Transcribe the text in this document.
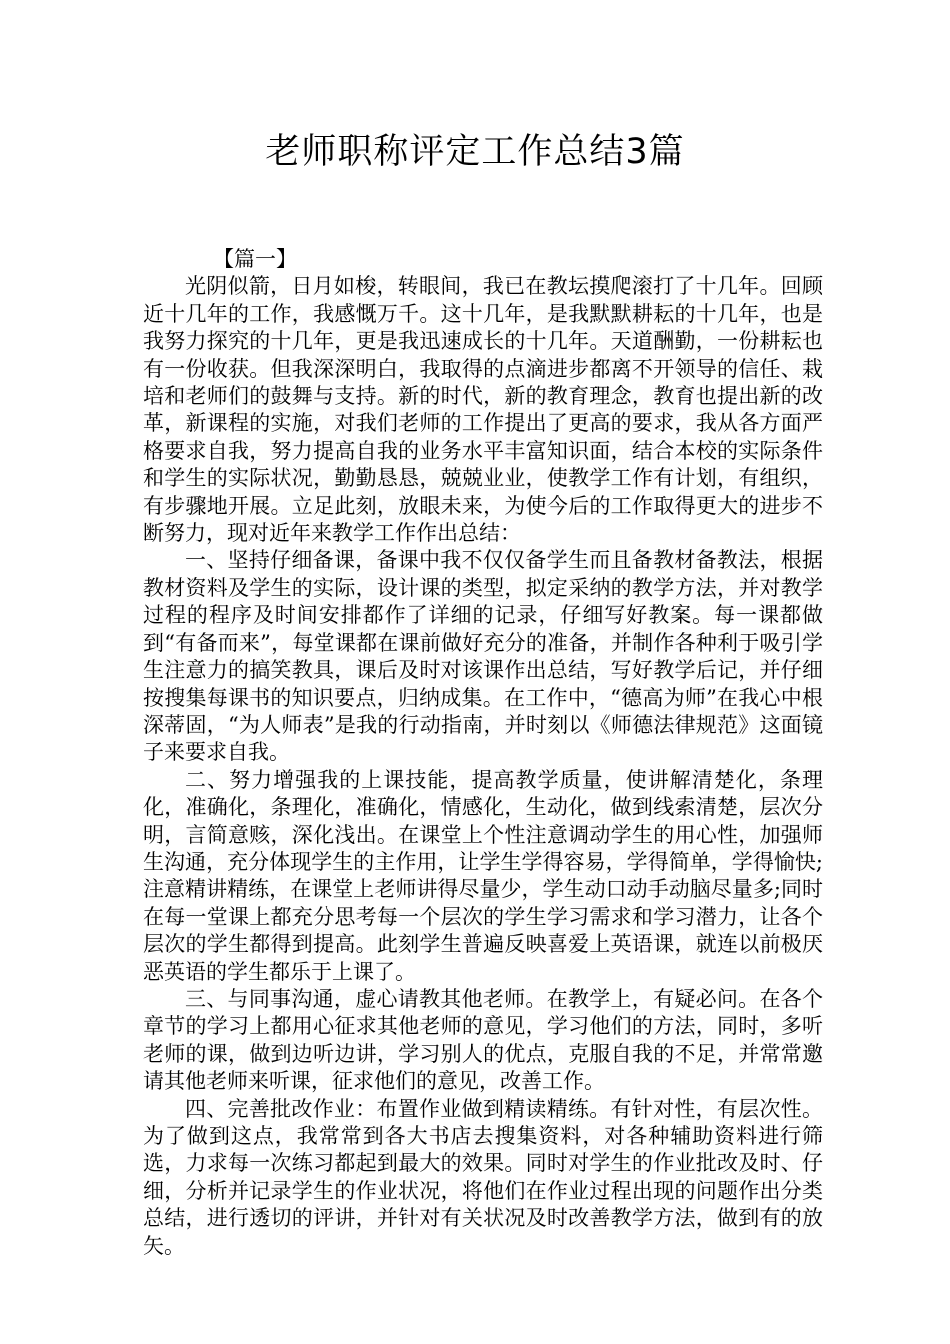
老师职称评定工作总结3篇

【篇一】

光阴似箭，日月如梭，转眼间，我已在教坛摸爬滚打了十几年。回顾近十几年的工作，我感慨万千。这十几年，是我默默耕耘的十几年，也是我努力探究的十几年，更是我迅速成长的十几年。天道酬勤，一份耕耘也有一份收获。但我深深明白，我取得的点滴进步都离不开领导的信任、栽培和老师们的鼓舞与支持。新的时代，新的教育理念，教育也提出新的改革，新课程的实施，对我们老师的工作提出了更高的要求，我从各方面严格要求自我，努力提高自我的业务水平丰富知识面，结合本校的实际条件和学生的实际状况，勤勤恳恳，兢兢业业，使教学工作有计划，有组织，有步骤地开展。立足此刻，放眼未来，为使今后的工作取得更大的进步不断努力，现对近年来教学工作作出总结：

一、坚持仔细备课，备课中我不仅仅备学生而且备教材备教法，根据教材资料及学生的实际，设计课的类型，拟定采纳的教学方法，并对教学过程的程序及时间安排都作了详细的记录，仔细写好教案。每一课都做到“有备而来”，每堂课都在课前做好充分的准备，并制作各种利于吸引学生注意力的搞笑教具，课后及时对该课作出总结，写好教学后记，并仔细按搜集每课书的知识要点，归纳成集。在工作中，“德高为师”在我心中根深蒂固，“为人师表”是我的行动指南，并时刻以《师德法律规范》这面镜子来要求自我。

二、努力增强我的上课技能，提高教学质量，使讲解清楚化，条理化，准确化，条理化，准确化，情感化，生动化，做到线索清楚，层次分明，言简意赅，深化浅出。在课堂上个性注意调动学生的用心性，加强师生沟通，充分体现学生的主作用，让学生学得容易，学得简单，学得愉快;注意精讲精练，在课堂上老师讲得尽量少，学生动口动手动脑尽量多;同时在每一堂课上都充分思考每一个层次的学生学习需求和学习潜力，让各个层次的学生都得到提高。此刻学生普遍反映喜爱上英语课，就连以前极厌恶英语的学生都乐于上课了。

三、与同事沟通，虚心请教其他老师。在教学上，有疑必问。在各个章节的学习上都用心征求其他老师的意见，学习他们的方法，同时，多听老师的课，做到边听边讲，学习别人的优点，克服自我的不足，并常常邀请其他老师来听课，征求他们的意见，改善工作。

四、完善批改作业：布置作业做到精读精练。有针对性，有层次性。为了做到这点，我常常到各大书店去搜集资料，对各种辅助资料进行筛选，力求每一次练习都起到最大的效果。同时对学生的作业批改及时、仔细，分析并记录学生的作业状况，将他们在作业过程出现的问题作出分类总结，进行透切的评讲，并针对有关状况及时改善教学方法，做到有的放矢。
